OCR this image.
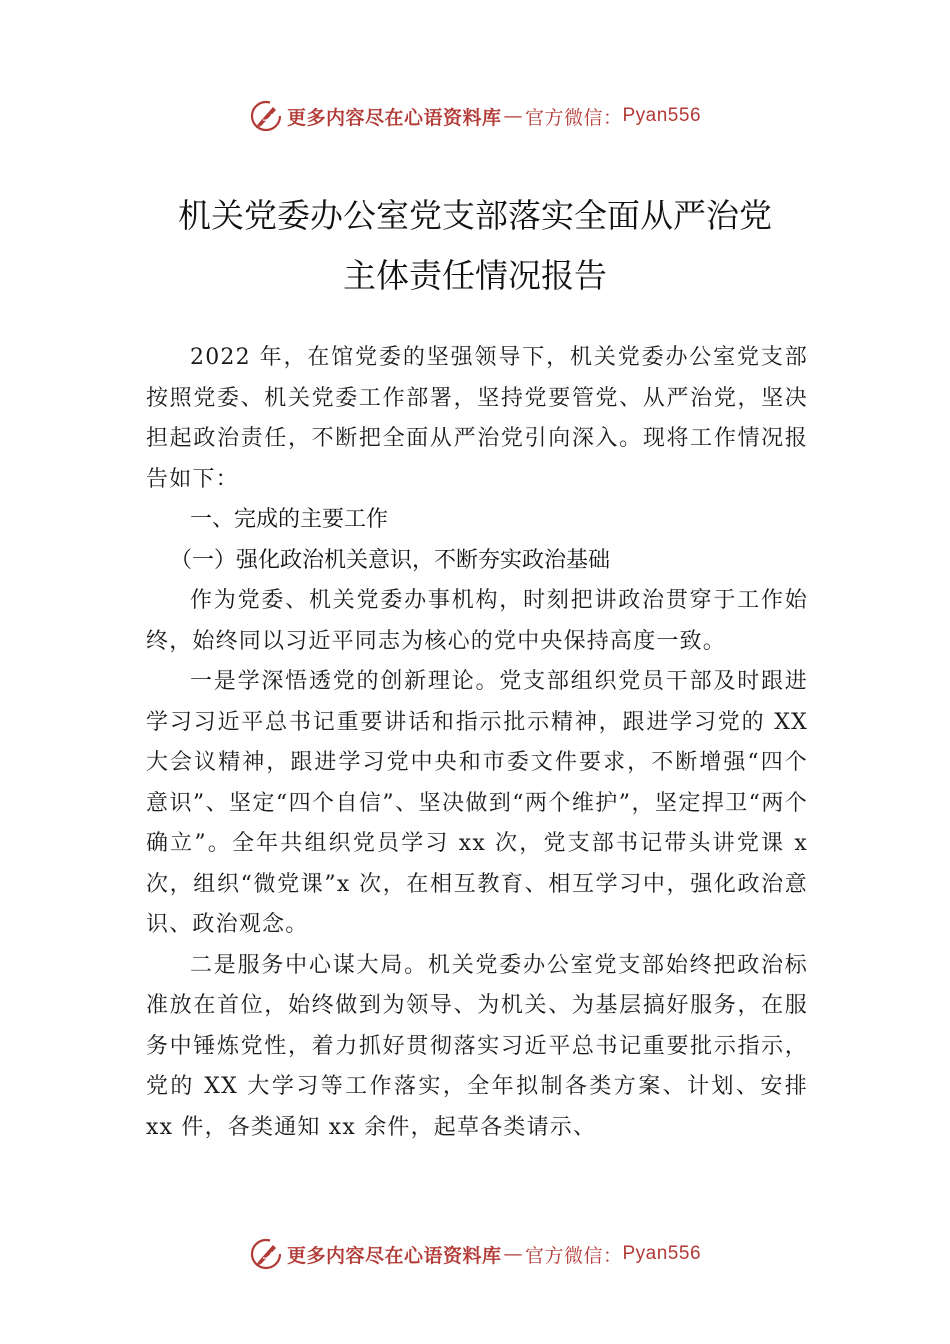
更多内容尽在心语资料库 — 官方微信： Pyan556
机关党委办公室党支部落实全面从严治党
主体责任情况报告

2022 年，在馆党委的坚强领导下，机关党委办公室党支部按照党委、机关党委工作部署，坚持党要管党、从严治党，坚决担起政治责任，不断把全面从严治党引向深入。现将工作情况报告如下：

一、完成的主要工作

（一）强化政治机关意识，不断夯实政治基础

作为党委、机关党委办事机构，时刻把讲政治贯穿于工作始终，始终同以习近平同志为核心的党中央保持高度一致。

一是学深悟透党的创新理论。党支部组织党员干部及时跟进学习习近平总书记重要讲话和指示批示精神，跟进学习党的 XX 大会议精神，跟进学习党中央和市委文件要求，不断增强“四个意识”、坚定“四个自信”、坚决做到“两个维护”，坚定捍卫“两个确立”。全年共组织党员学习 xx 次，党支部书记带头讲党课 x 次，组织“微党课”x 次，在相互教育、相互学习中，强化政治意识、政治观念。

二是服务中心谋大局。机关党委办公室党支部始终把政治标准放在首位，始终做到为领导、为机关、为基层搞好服务，在服务中锤炼党性，着力抓好贯彻落实习近平总书记重要批示指示，党的 XX 大学习等工作落实，全年拟制各类方案、计划、安排 xx 件，各类通知 xx 余件，起草各类请示、

更多内容尽在心语资料库 — 官方微信： Pyan556
